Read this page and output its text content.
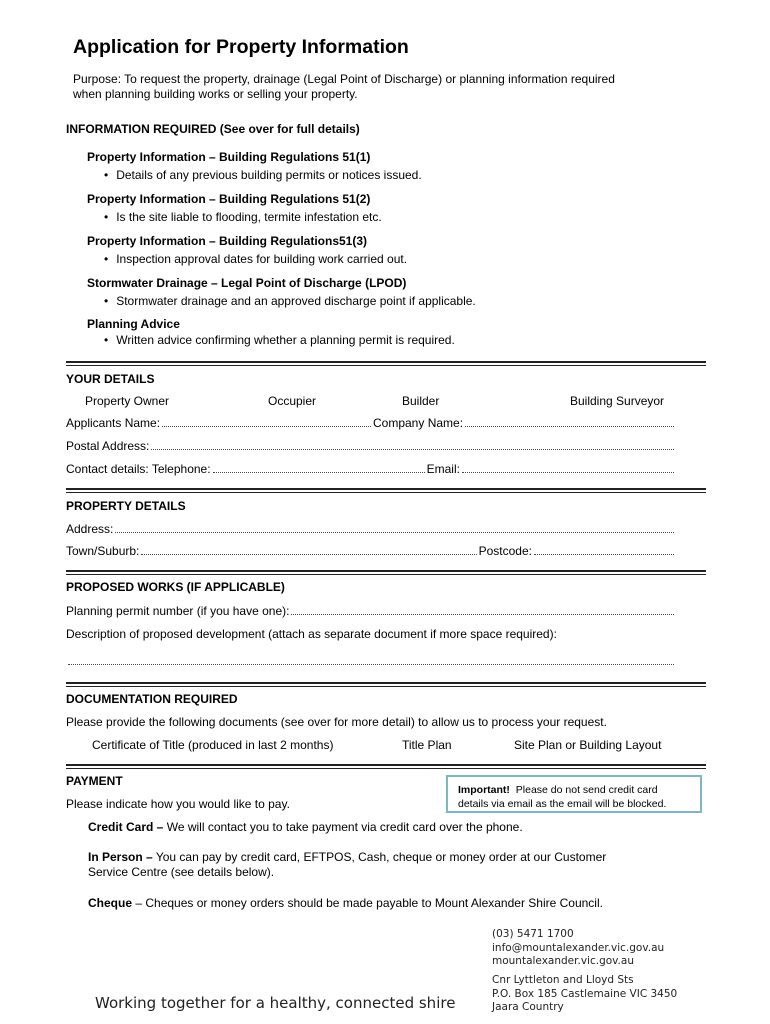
Application for Property Information
Purpose: To request the property, drainage (Legal Point of Discharge) or planning information required when planning building works or selling your property.
INFORMATION REQUIRED (See over for full details)
Property Information – Building Regulations 51(1)
• Details of any previous building permits or notices issued.
Property Information – Building Regulations 51(2)
• Is the site liable to flooding, termite infestation etc.
Property Information – Building Regulations51(3)
• Inspection approval dates for building work carried out.
Stormwater Drainage – Legal Point of Discharge (LPOD)
• Stormwater drainage and an approved discharge point if applicable.
Planning Advice
• Written advice confirming whether a planning permit is required.
YOUR DETAILS
Property Owner	Occupier	Builder	Building Surveyor
Applicants Name:	Company Name:
Postal Address:
Contact details: Telephone:	Email:
PROPERTY DETAILS
Address:
Town/Suburb:	Postcode:
PROPOSED WORKS (IF APPLICABLE)
Planning permit number (if you have one):
Description of proposed development (attach as separate document if more space required):
DOCUMENTATION REQUIRED
Please provide the following documents (see over for more detail) to allow us to process your request.
Certificate of Title (produced in last 2 months)	Title Plan	Site Plan or Building Layout
PAYMENT
Please indicate how you would like to pay.
Important! Please do not send credit card
details via email as the email will be blocked.
Credit Card – We will contact you to take payment via credit card over the phone.
In Person – You can pay by credit card, EFTPOS, Cash, cheque or money order at our Customer
Service Centre (see details below).
Cheque – Cheques or money orders should be made payable to Mount Alexander Shire Council.
(03) 5471 1700
info@mountalexander.vic.gov.au
mountalexander.vic.gov.au
Cnr Lyttleton and Lloyd Sts
P.O. Box 185 Castlemaine VIC 3450
Jaara Country
Working together for a healthy, connected shire
